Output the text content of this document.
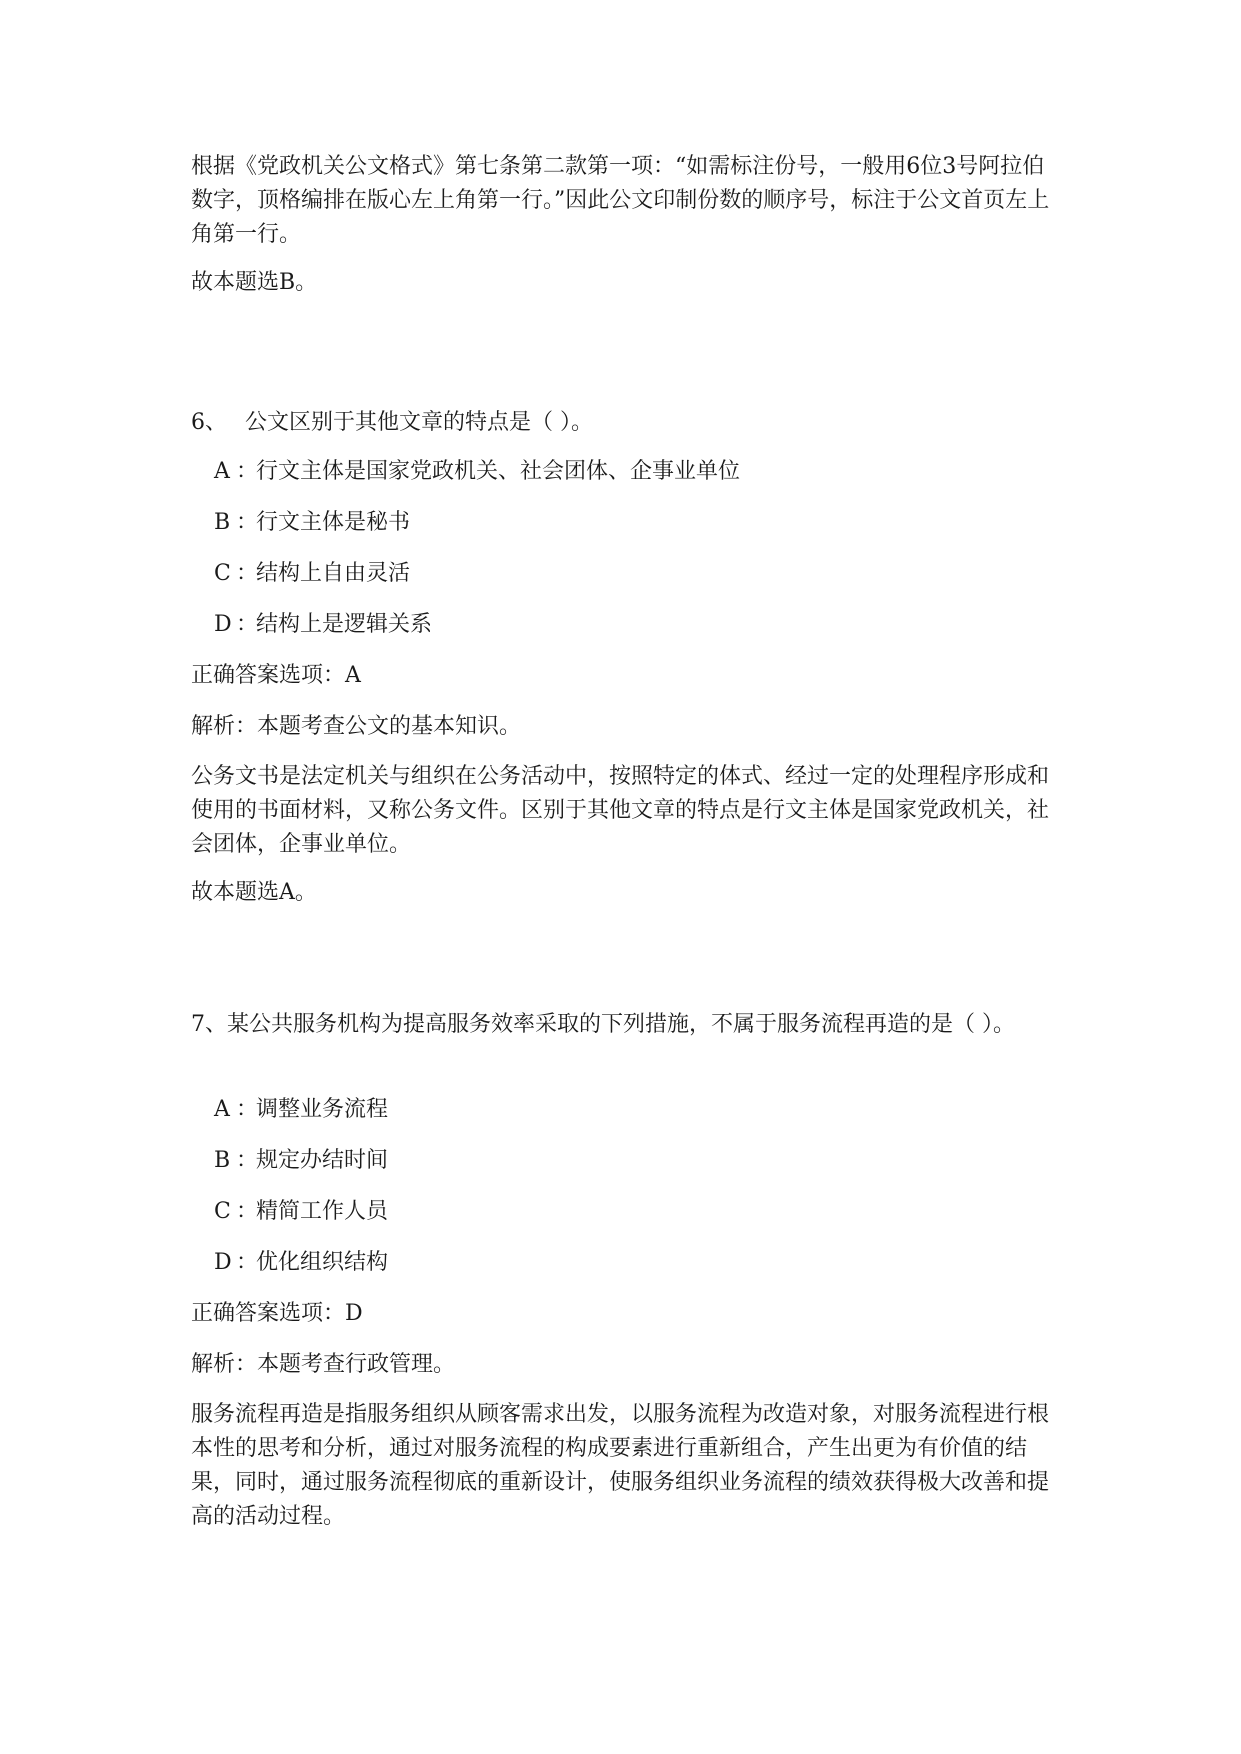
根据《党政机关公文格式》第七条第二款第一项：“如需标注份号，一般用6位3号阿拉伯数字，顶格编排在版心左上角第一行。”因此公文印制份数的顺序号，标注于公文首页左上角第一行。

故本题选B。

6、 公文区别于其他文章的特点是（ ）。

A ：行文主体是国家党政机关、社会团体、企事业单位

B ：行文主体是秘书

C ：结构上自由灵活

D ：结构上是逻辑关系

正确答案选项：A

解析：本题考查公文的基本知识。

公务文书是法定机关与组织在公务活动中，按照特定的体式、经过一定的处理程序形成和使用的书面材料，又称公务文件。区别于其他文章的特点是行文主体是国家党政机关，社会团体，企事业单位。

故本题选A。

7、某公共服务机构为提高服务效率采取的下列措施，不属于服务流程再造的是（ ）。

A ：调整业务流程

B ：规定办结时间

C ：精简工作人员

D ：优化组织结构

正确答案选项：D

解析：本题考查行政管理。

服务流程再造是指服务组织从顾客需求出发，以服务流程为改造对象，对服务流程进行根本性的思考和分析，通过对服务流程的构成要素进行重新组合，产生出更为有价值的结果，同时，通过服务流程彻底的重新设计，使服务组织业务流程的绩效获得极大改善和提高的活动过程。
